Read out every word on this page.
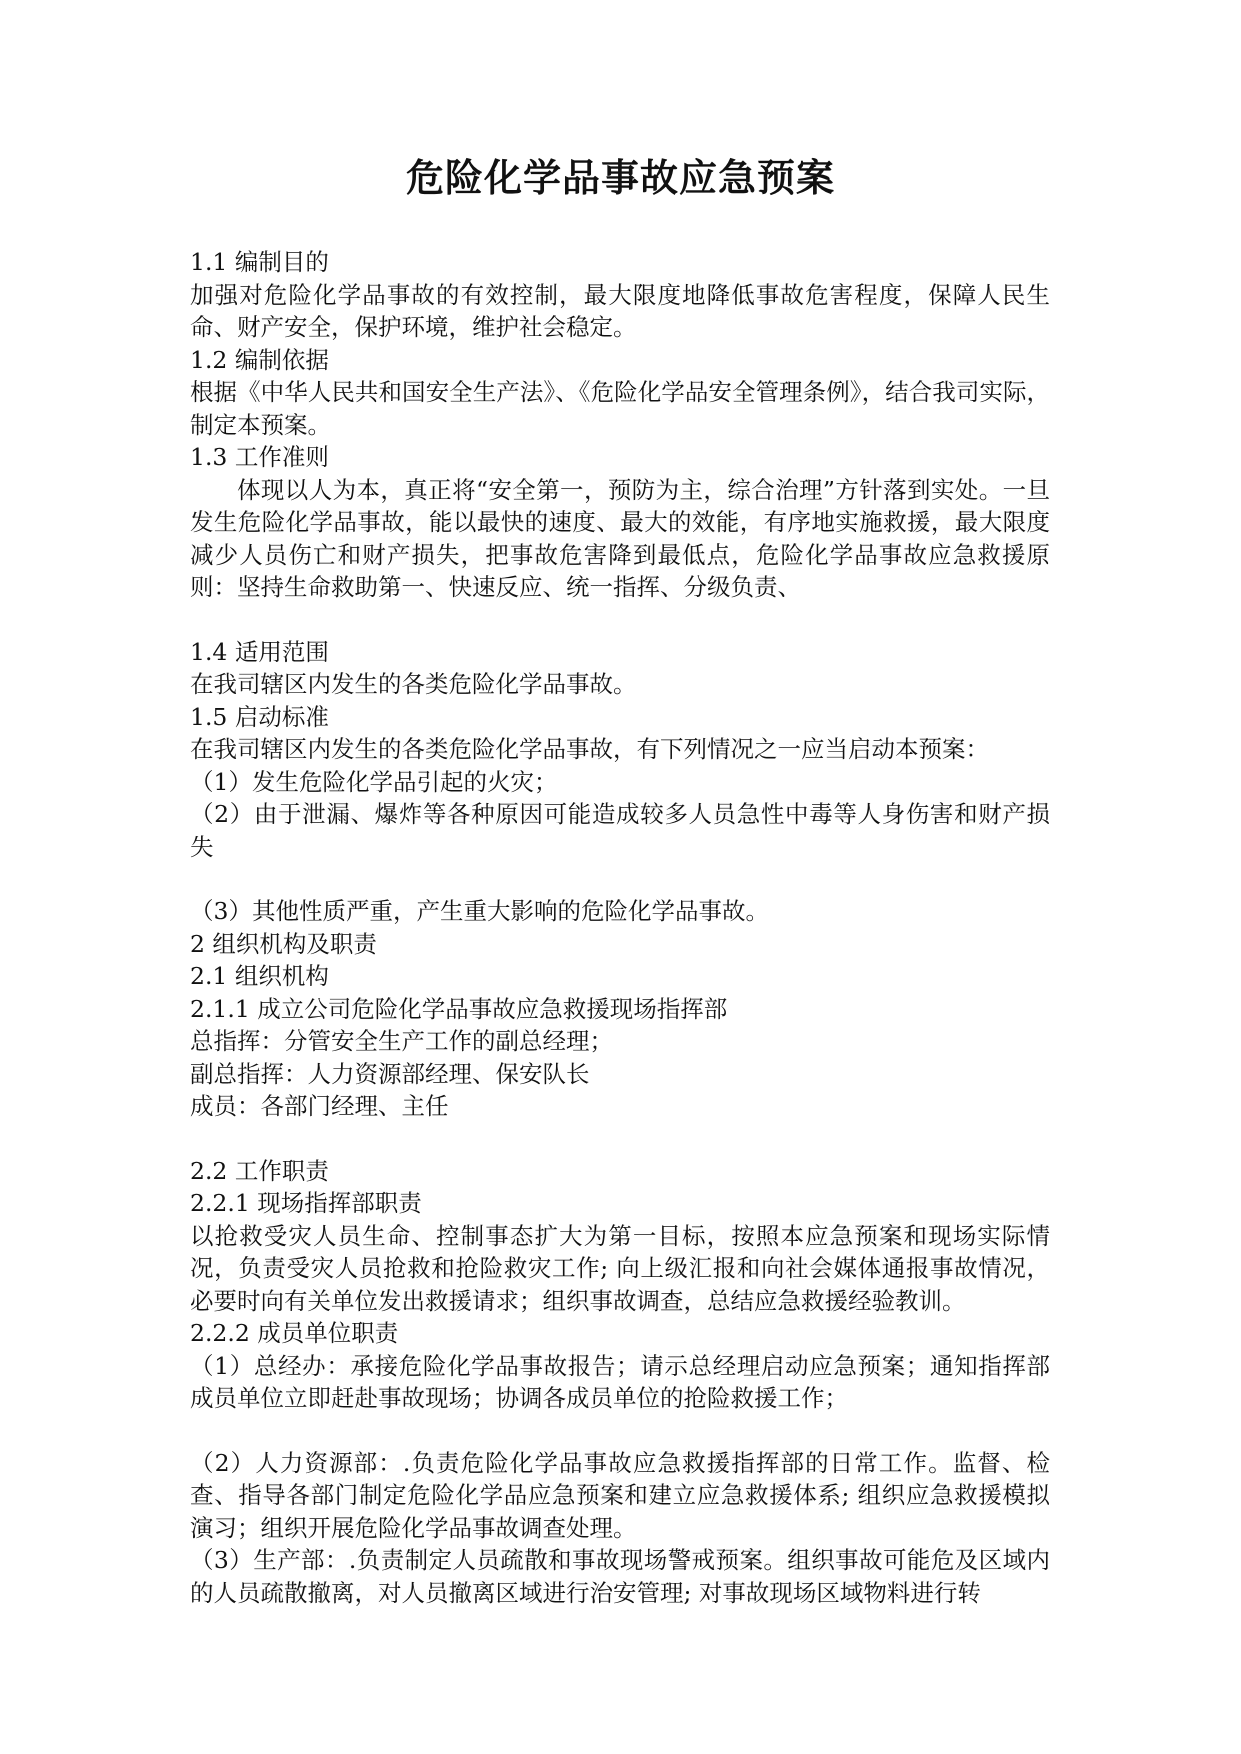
危险化学品事故应急预案

1.1 编制目的

加强对危险化学品事故的有效控制，最大限度地降低事故危害程度，保障人民生命、财产安全，保护环境，维护社会稳定。

1.2 编制依据

根据《中华人民共和国安全生产法》、《危险化学品安全管理条例》，结合我司实际，制定本预案。

1.3 工作准则

体现以人为本，真正将“安全第一，预防为主，综合治理”方针落到实处。一旦发生危险化学品事故，能以最快的速度、最大的效能，有序地实施救援，最大限度减少人员伤亡和财产损失，把事故危害降到最低点，危险化学品事故应急救援原则：坚持生命救助第一、快速反应、统一指挥、分级负责、

1.4 适用范围

在我司辖区内发生的各类危险化学品事故。

1.5 启动标准

在我司辖区内发生的各类危险化学品事故，有下列情况之一应当启动本预案：

（1）发生危险化学品引起的火灾；

（2）由于泄漏、爆炸等各种原因可能造成较多人员急性中毒等人身伤害和财产损失

（3）其他性质严重，产生重大影响的危险化学品事故。

2 组织机构及职责

2.1 组织机构

2.1.1 成立公司危险化学品事故应急救援现场指挥部

总指挥：分管安全生产工作的副总经理；

副总指挥：人力资源部经理、保安队长

成员：各部门经理、主任

2.2 工作职责

2.2.1 现场指挥部职责

以抢救受灾人员生命、控制事态扩大为第一目标，按照本应急预案和现场实际情况，负责受灾人员抢救和抢险救灾工作; 向上级汇报和向社会媒体通报事故情况，必要时向有关单位发出救援请求；组织事故调查，总结应急救援经验教训。

2.2.2 成员单位职责

（1）总经办：承接危险化学品事故报告；请示总经理启动应急预案；通知指挥部成员单位立即赶赴事故现场；协调各成员单位的抢险救援工作；

（2）人力资源部：.负责危险化学品事故应急救援指挥部的日常工作。监督、检查、指导各部门制定危险化学品应急预案和建立应急救援体系; 组织应急救援模拟演习；组织开展危险化学品事故调查处理。

（3）生产部：.负责制定人员疏散和事故现场警戒预案。组织事故可能危及区域内的人员疏散撤离，对人员撤离区域进行治安管理; 对事故现场区域物料进行转
